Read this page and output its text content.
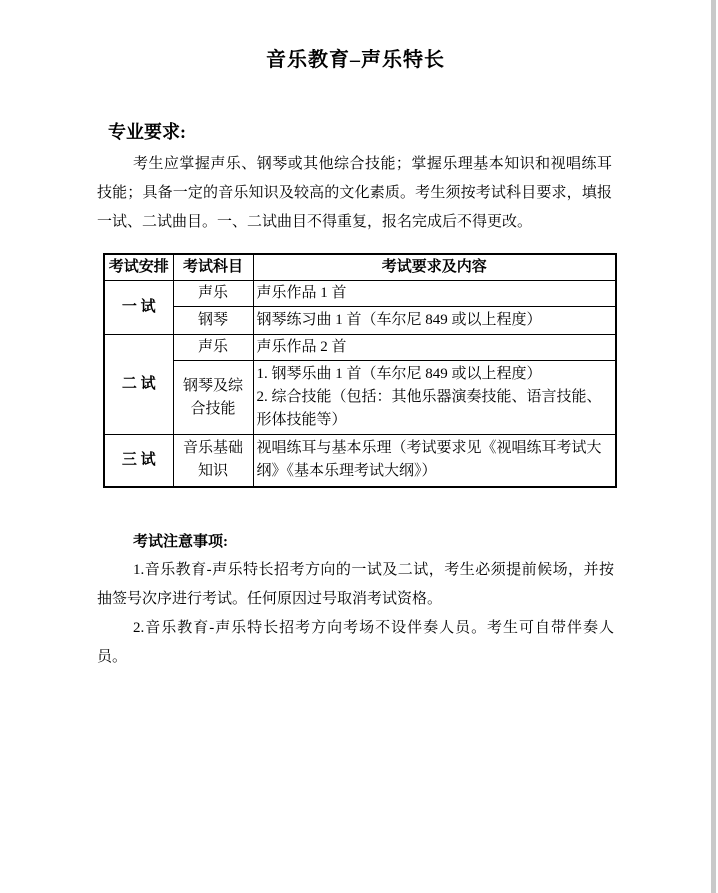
音乐教育–声乐特长
专业要求:
考生应掌握声乐、钢琴或其他综合技能；掌握乐理基本知识和视唱练耳技能；具备一定的音乐知识及较高的文化素质。考生须按考试科目要求，填报一试、二试曲目。一、二试曲目不得重复，报名完成后不得更改。
考试安排	考试科目	考试要求及内容
一 试	声乐	声乐作品 1 首
	钢琴	钢琴练习曲 1 首（车尔尼 849 或以上程度）
二 试	声乐	声乐作品 2 首
	钢琴及综合技能	1. 钢琴乐曲 1 首（车尔尼 849 或以上程度）
2. 综合技能（包括：其他乐器演奏技能、语言技能、形体技能等）

三 试	音乐基础知识	视唱练耳与基本乐理（考试要求见《视唱练耳考试大纲》《基本乐理考试大纲》）
考试注意事项:

1.音乐教育-声乐特长招考方向的一试及二试，考生必须提前候场，并按抽签号次序进行考试。任何原因过号取消考试资格。

2.音乐教育-声乐特长招考方向考场不设伴奏人员。考生可自带伴奏人员。
